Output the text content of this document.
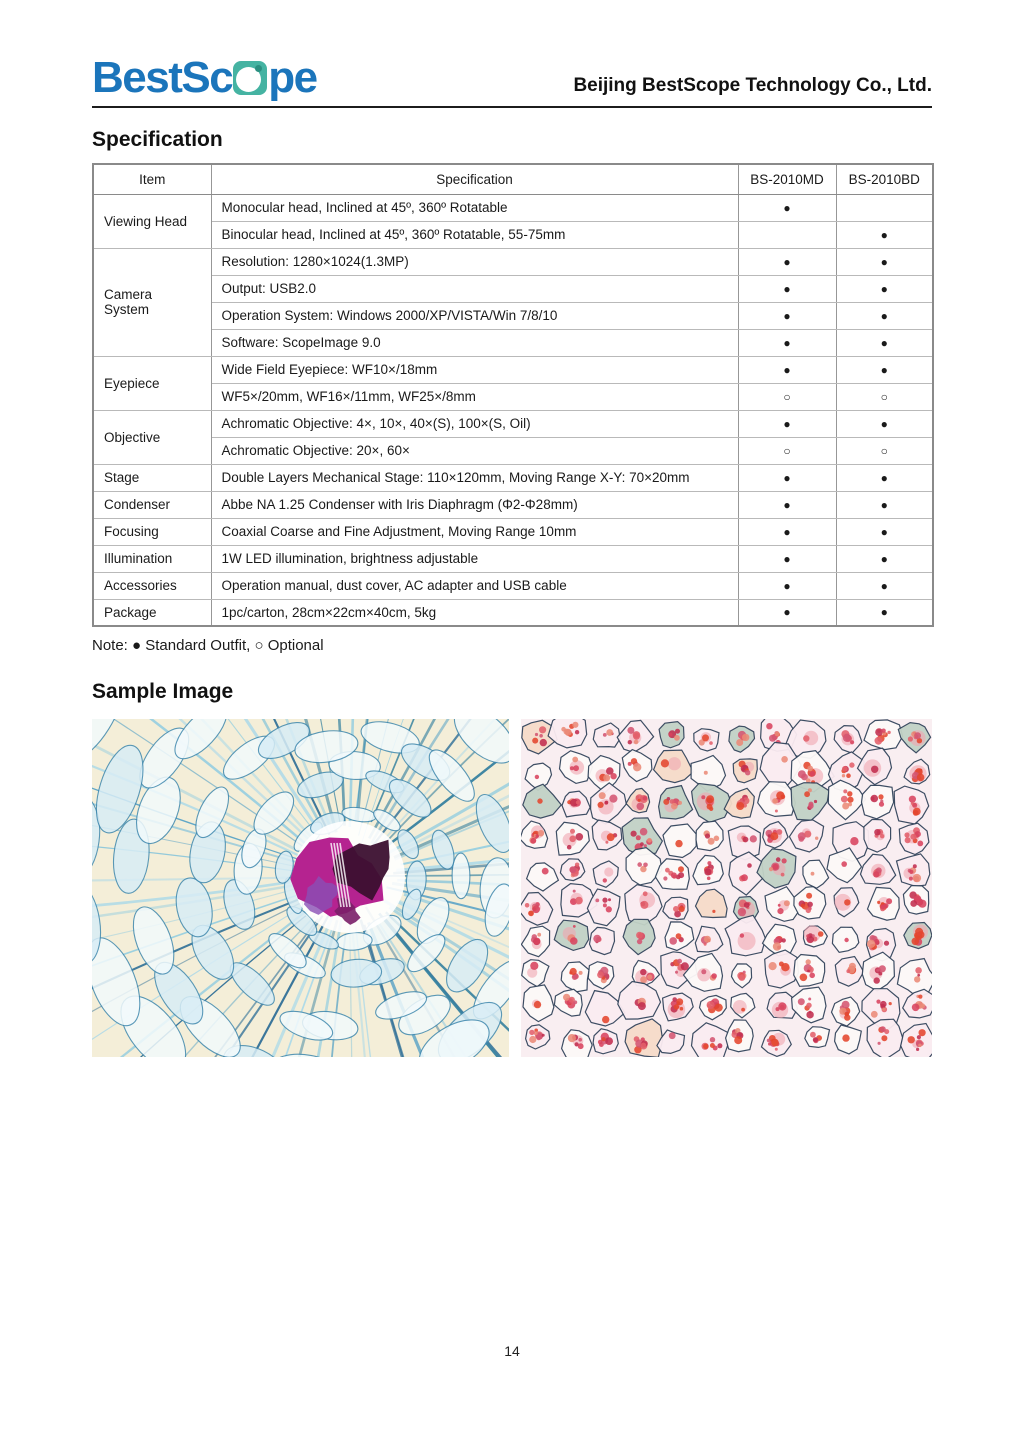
BestSc pe	Beijing BestScope Technology Co., Ltd.
Specification
Item	Specification	BS-2010MD	BS-2010BD
Viewing Head	Monocular head, Inclined at 45º, 360º Rotatable	●	
	Binocular head, Inclined at 45º, 360º Rotatable, 55-75mm		●
Camera System	Resolution: 1280×1024(1.3MP)	●	●
	Output: USB2.0	●	●
	Operation System: Windows 2000/XP/VISTA/Win 7/8/10	●	●
	Software: ScopeImage 9.0	●	●
Eyepiece	Wide Field Eyepiece: WF10×/18mm	●	●
	WF5×/20mm, WF16×/11mm, WF25×/8mm	○	○
Objective	Achromatic Objective: 4×, 10×, 40×(S), 100×(S, Oil)	●	●
	Achromatic Objective: 20×, 60×	○	○
Stage	Double Layers Mechanical Stage: 110×120mm, Moving Range X-Y: 70×20mm	●	●
Condenser	Abbe NA 1.25 Condenser with Iris Diaphragm (Φ2-Φ28mm)	●	●
Focusing	Coaxial Coarse and Fine Adjustment, Moving Range 10mm	●	●
Illumination	1W LED illumination, brightness adjustable	●	●
Accessories	Operation manual, dust cover, AC adapter and USB cable	●	●
Package	1pc/carton, 28cm×22cm×40cm, 5kg	●	●
Note: ● Standard Outfit, ○ Optional
Sample Image
14
